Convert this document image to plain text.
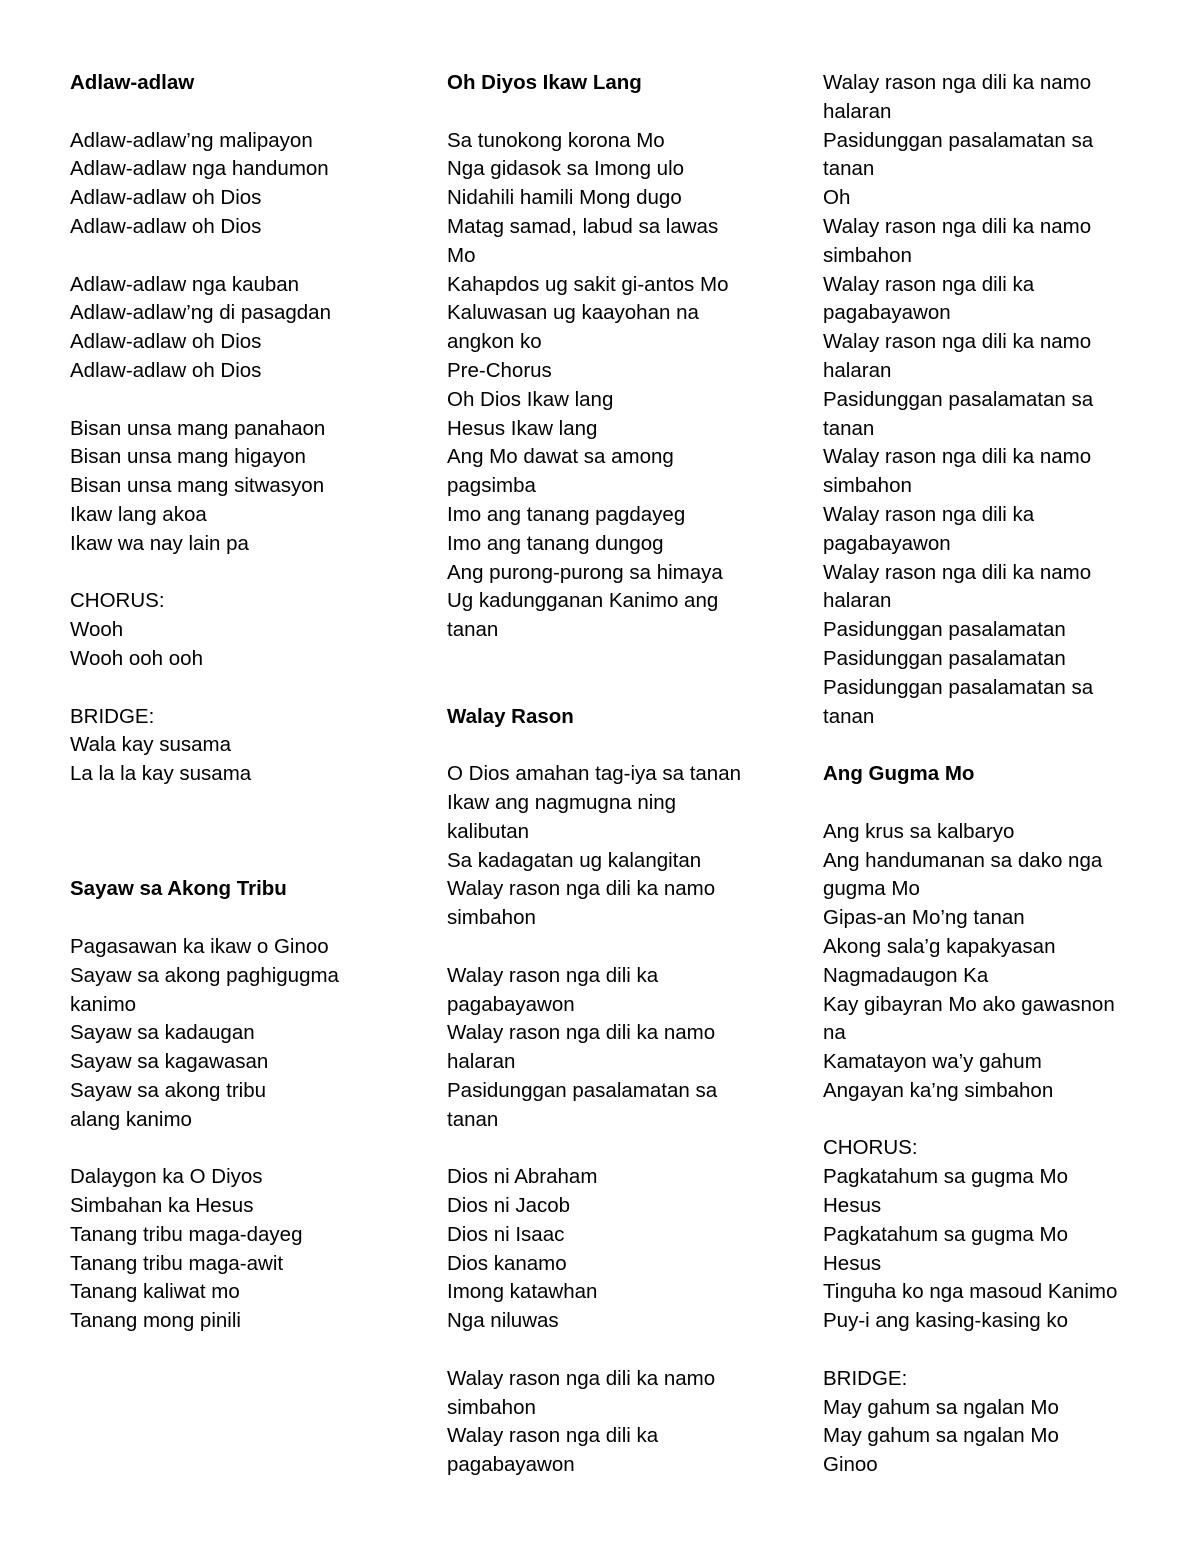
Adlaw-adlaw
Adlaw-adlaw’ng malipayon
Adlaw-adlaw nga handumon
Adlaw-adlaw oh Dios
Adlaw-adlaw oh Dios
Adlaw-adlaw nga kauban
Adlaw-adlaw’ng di pasagdan
Adlaw-adlaw oh Dios
Adlaw-adlaw oh Dios
Bisan unsa mang panahaon
Bisan unsa mang higayon
Bisan unsa mang sitwasyon
Ikaw lang akoa
Ikaw wa nay lain pa
CHORUS:
Wooh
Wooh ooh ooh
BRIDGE:
Wala kay susama
La la la kay susama
Sayaw sa Akong Tribu
Pagasawan ka ikaw o Ginoo
Sayaw sa akong paghigugma
kanimo
Sayaw sa kadaugan
Sayaw sa kagawasan
Sayaw sa akong tribu
alang kanimo
Dalaygon ka O Diyos
Simbahan ka Hesus
Tanang tribu maga-dayeg
Tanang tribu maga-awit
Tanang kaliwat mo
Tanang mong pinili
Oh Diyos Ikaw Lang
Sa tunokong korona Mo
Nga gidasok sa Imong ulo
Nidahili hamili Mong dugo
Matag samad, labud sa lawas
Mo
Kahapdos ug sakit gi-antos Mo
Kaluwasan ug kaayohan na
angkon ko
Pre-Chorus
Oh Dios Ikaw lang
Hesus Ikaw lang
Ang Mo dawat sa among
pagsimba
Imo ang tanang pagdayeg
Imo ang tanang dungog
Ang purong-purong sa himaya
Ug kadungganan Kanimo ang
tanan
Walay Rason
O Dios amahan tag-iya sa tanan
Ikaw ang nagmugna ning
kalibutan
Sa kadagatan ug kalangitan
Walay rason nga dili ka namo
simbahon
Walay rason nga dili ka
pagabayawon
Walay rason nga dili ka namo
halaran
Pasidunggan pasalamatan sa
tanan
Dios ni Abraham
Dios ni Jacob
Dios ni Isaac
Dios kanamo
Imong katawhan
Nga niluwas
Walay rason nga dili ka namo
simbahon
Walay rason nga dili ka
pagabayawon
Walay rason nga dili ka namo
halaran
Pasidunggan pasalamatan sa
tanan
Oh
Walay rason nga dili ka namo
simbahon
Walay rason nga dili ka
pagabayawon
Walay rason nga dili ka namo
halaran
Pasidunggan pasalamatan sa
tanan
Walay rason nga dili ka namo
simbahon
Walay rason nga dili ka
pagabayawon
Walay rason nga dili ka namo
halaran
Pasidunggan pasalamatan
Pasidunggan pasalamatan
Pasidunggan pasalamatan sa
tanan
Ang Gugma Mo
Ang krus sa kalbaryo
Ang handumanan sa dako nga
gugma Mo
Gipas-an Mo’ng tanan
Akong sala’g kapakyasan
Nagmadaugon Ka
Kay gibayran Mo ako gawasnon
na
Kamatayon wa’y gahum
Angayan ka’ng simbahon
CHORUS:
Pagkatahum sa gugma Mo
Hesus
Pagkatahum sa gugma Mo
Hesus
Tinguha ko nga masoud Kanimo
Puy-i ang kasing-kasing ko
BRIDGE:
May gahum sa ngalan Mo
May gahum sa ngalan Mo
Ginoo
